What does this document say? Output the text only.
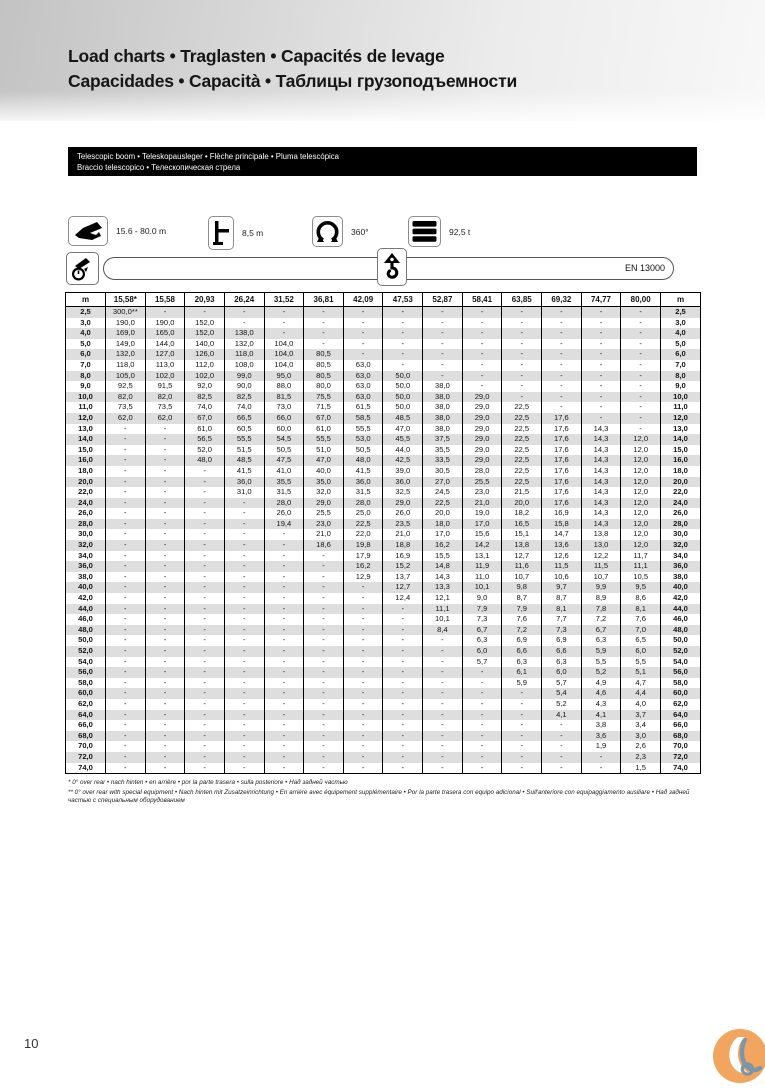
Load charts • Traglasten • Capacités de levage
Capacidades • Capacità • Таблицы грузоподъемности
Telescopic boom • Teleskopausleger • Flèche principale • Pluma telescópica
Braccio telescopico • Телескопическая стрела
15.6 - 80.0 m	8,5 m	360°	92,5 t
EN 13000
m	15,58*	15,58	20,93	26,24	31,52	36,81	42,09	47,53	52,87	58,41	63,85	69,32	74,77	80,00	m
2,5	300,0**	-	-	-	-	-	-	-	-	-	-	-	-	-	2,5
3,0	190,0	190,0	152,0	-	-	-	-	-	-	-	-	-	-	-	3,0
4,0	169,0	165,0	152,0	138,0	-	-	-	-	-	-	-	-	-	-	4,0
5,0	149,0	144,0	140,0	132,0	104,0	-	-	-	-	-	-	-	-	-	5,0
6,0	132,0	127,0	126,0	118,0	104,0	80,5	-	-	-	-	-	-	-	-	6,0
7,0	118,0	113,0	112,0	108,0	104,0	80,5	63,0	-	-	-	-	-	-	-	7,0
8,0	105,0	102,0	102,0	99,0	95,0	80,5	63,0	50,0	-	-	-	-	-	-	8,0
9,0	92,5	91,5	92,0	90,0	88,0	80,0	63,0	50,0	38,0	-	-	-	-	-	9,0
10,0	82,0	82,0	82,5	82,5	81,5	75,5	63,0	50,0	38,0	29,0	-	-	-	-	10,0
11,0	73,5	73,5	74,0	74,0	73,0	71,5	61,5	50,0	38,0	29,0	22,5	-	-	-	11,0
12,0	62,0	62,0	67,0	66,5	66,0	67,0	58,5	48,5	38,0	29,0	22,5	17,6	-	-	12,0
13,0	-	-	61,0	60,5	60,0	61,0	55,5	47,0	38,0	29,0	22,5	17,6	14,3	-	13,0
14,0	-	-	56,5	55,5	54,5	55,5	53,0	45,5	37,5	29,0	22,5	17,6	14,3	12,0	14,0
15,0	-	-	52,0	51,5	50,5	51,0	50,5	44,0	35,5	29,0	22,5	17,6	14,3	12,0	15,0
16,0	-	-	48,0	48,5	47,5	47,0	48,0	42,5	33,5	29,0	22,5	17,6	14,3	12,0	16,0
18,0	-	-	-	41,5	41,0	40,0	41,5	39,0	30,5	28,0	22,5	17,6	14,3	12,0	18,0
20,0	-	-	-	36,0	35,5	35,0	36,0	36,0	27,0	25,5	22,5	17,6	14,3	12,0	20,0
22,0	-	-	-	31,0	31,5	32,0	31,5	32,5	24,5	23,0	21,5	17,6	14,3	12,0	22,0
24,0	-	-	-	-	28,0	29,0	28,0	29,0	22,5	21,0	20,0	17,6	14,3	12,0	24,0
26,0	-	-	-	-	26,0	25,5	25,0	26,0	20,0	19,0	18,2	16,9	14,3	12,0	26,0
28,0	-	-	-	-	19,4	23,0	22,5	23,5	18,0	17,0	16,5	15,8	14,3	12,0	28,0
30,0	-	-	-	-	-	21,0	22,0	21,0	17,0	15,6	15,1	14,7	13,8	12,0	30,0
32,0	-	-	-	-	-	18,6	19,8	18,8	16,2	14,2	13,8	13,6	13,0	12,0	32,0
34,0	-	-	-	-	-	-	17,9	16,9	15,5	13,1	12,7	12,6	12,2	11,7	34,0
36,0	-	-	-	-	-	-	16,2	15,2	14,8	11,9	11,6	11,5	11,5	11,1	36,0
38,0	-	-	-	-	-	-	12,9	13,7	14,3	11,0	10,7	10,6	10,7	10,5	38,0
40,0	-	-	-	-	-	-	-	12,7	13,3	10,1	9,8	9,7	9,9	9,5	40,0
42,0	-	-	-	-	-	-	-	12,4	12,1	9,0	8,7	8,7	8,9	8,6	42,0
44,0	-	-	-	-	-	-	-	-	11,1	7,9	7,9	8,1	7,8	8,1	44,0
46,0	-	-	-	-	-	-	-	-	10,1	7,3	7,6	7,7	7,2	7,6	46,0
48,0	-	-	-	-	-	-	-	-	8,4	6,7	7,2	7,3	6,7	7,0	48,0
50,0	-	-	-	-	-	-	-	-	-	6,3	6,9	6,9	6,3	6,5	50,0
52,0	-	-	-	-	-	-	-	-	-	6,0	6,6	6,6	5,9	6,0	52,0
54,0	-	-	-	-	-	-	-	-	-	5,7	6,3	6,3	5,5	5,5	54,0
56,0	-	-	-	-	-	-	-	-	-	-	6,1	6,0	5,2	5,1	56,0
58,0	-	-	-	-	-	-	-	-	-	-	5,9	5,7	4,9	4,7	58,0
60,0	-	-	-	-	-	-	-	-	-	-	-	5,4	4,6	4,4	60,0
62,0	-	-	-	-	-	-	-	-	-	-	-	5,2	4,3	4,0	62,0
64,0	-	-	-	-	-	-	-	-	-	-	-	4,1	4,1	3,7	64,0
66,0	-	-	-	-	-	-	-	-	-	-	-	-	3,8	3,4	66,0
68,0	-	-	-	-	-	-	-	-	-	-	-	-	3,6	3,0	68,0
70,0	-	-	-	-	-	-	-	-	-	-	-	-	1,9	2,6	70,0
72,0	-	-	-	-	-	-	-	-	-	-	-	-	-	2,3	72,0
74,0	-	-	-	-	-	-	-	-	-	-	-	-	-	1,5	74,0

* 0° over rear • nach hinten • en arrière • por la parte trasera • sulla posteriore • Над задней частью

** 0° over rear with special equipment • Nach hinten mit Zusatzeinrichtung • En arrière avec équipement supplémentaire • Por la parte trasera con equipo adicional • Sull'anteriore con equipaggiamento ausiliare • Над задней частью с специальным оборудованием

10
